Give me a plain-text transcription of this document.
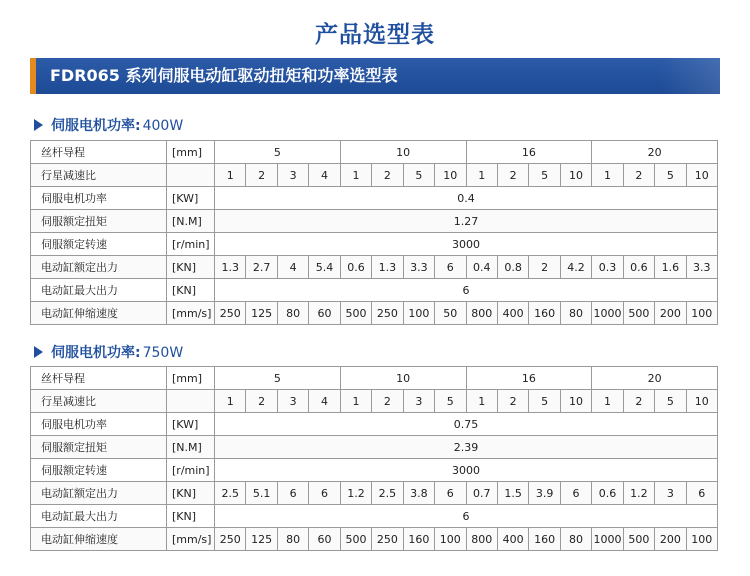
产品选型表
FDR065 系列伺服电动缸驱动扭矩和功率选型表
伺服电机功率: 400W
丝杆导程	[mm]	5				10				16				20			
行星减速比		1	2	3	4	1	2	5	10	1	2	5	10	1	2	5	10
伺服电机功率	[KW]	0.4															
伺服额定扭矩	[N.M]	1.27															
伺服额定转速	[r/min]	3000															
电动缸额定出力	[KN]	1.3	2.7	4	5.4	0.6	1.3	3.3	6	0.4	0.8	2	4.2	0.3	0.6	1.6	3.3
电动缸最大出力	[KN]	6															
电动缸伸缩速度	[mm/s]	250	125	80	60	500	250	100	50	800	400	160	80	1000	500	200	100
伺服电机功率: 750W
丝杆导程	[mm]	5				10				16				20			
行星减速比		1	2	3	4	1	2	3	5	1	2	5	10	1	2	5	10
伺服电机功率	[KW]	0.75															
伺服额定扭矩	[N.M]	2.39															
伺服额定转速	[r/min]	3000															
电动缸额定出力	[KN]	2.5	5.1	6	6	1.2	2.5	3.8	6	0.7	1.5	3.9	6	0.6	1.2	3	6
电动缸最大出力	[KN]	6															
电动缸伸缩速度	[mm/s]	250	125	80	60	500	250	160	100	800	400	160	80	1000	500	200	100
